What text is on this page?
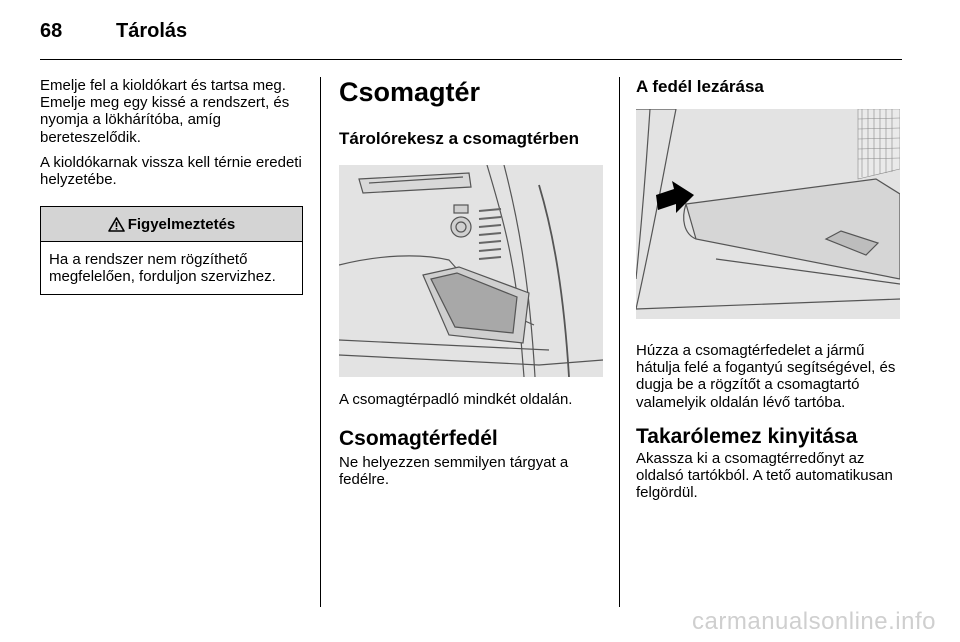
68	Tárolás

Emelje fel a kioldókart és tartsa meg. Emelje meg egy kissé a rendszert, és nyomja a lökhárítóba, amíg bereteszelődik.

A kioldókarnak vissza kell térnie eredeti helyzetébe.

Figyelmeztetés
Ha a rendszer nem rögzíthető megfelelően, forduljon szervizhez.
Csomagtér
Tárolórekesz a csomagtérben

A csomagtérpadló mindkét oldalán.

Csomagtérfedél

Ne helyezzen semmilyen tárgyat a fedélre.

A fedél lezárása

Húzza a csomagtérfedelet a jármű hátulja felé a fogantyú segítségével, és dugja be a rögzítőt a csomagtartó valamelyik oldalán lévő tartóba.

Takarólemez kinyitása

Akassza ki a csomagtérredőnyt az oldalsó tartókból. A tető automatikusan felgördül.

carmanualsonline.info
